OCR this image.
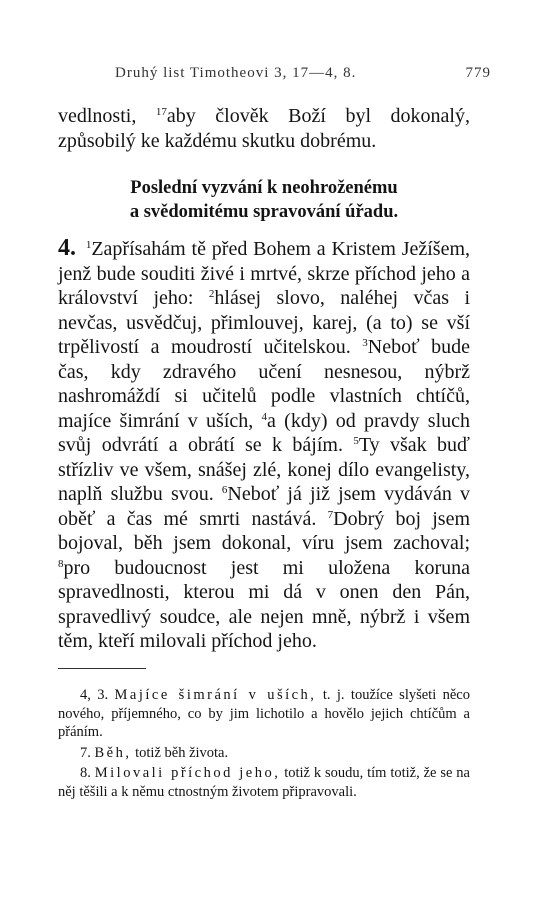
Druhý list Timotheovi 3, 17—4, 8.	779
vedlnosti, $^{17}$aby člověk Boží byl dokonalý, způsobilý ke každému skutku dobrému.
Poslední vyzvání k neohroženému
a svědomitému spravování úřadu.
4. $^1$Zapřísahám tě před Bohem a Kristem Ježíšem, jenž bude souditi živé i mrtvé, skrze příchod jeho a království jeho: $^2$hlásej slovo, naléhej včas i nevčas, usvědčuj, přimlouvej, karej, (a to) se vší trpělivostí a moudrostí učitelskou. $^3$Neboť bude čas, kdy zdravého učení nesnesou, nýbrž nashromáždí si učitelů podle vlastních chtíčů, majíce šimrání v uších, $^4$a (kdy) od pravdy sluch svůj odvrátí a obrátí se k bájím. $^5$Ty však buď střízliv ve všem, snášej zlé, konej dílo evangelisty, naplň službu svou. $^6$Neboť já již jsem vydáván v oběť a čas mé smrti nastává. $^7$Dobrý boj jsem bojoval, běh jsem dokonal, víru jsem zachoval; $^8$pro budoucnost jest mi uložena koruna spravedlnosti, kterou mi dá v onen den Pán, spravedlivý soudce, ale nejen mně, nýbrž i všem těm, kteří milovali příchod jeho.
4, 3. Majíce šimrání v uších, t. j. toužíce slyšeti něco nového, příjemného, co by jim lichotilo a hovělo jejich chtíčům a přáním.
7. Běh, totiž běh života.
8. Milovali příchod jeho, totiž k soudu, tím totiž, že se na něj těšili a k němu ctnostným životem připravovali.
